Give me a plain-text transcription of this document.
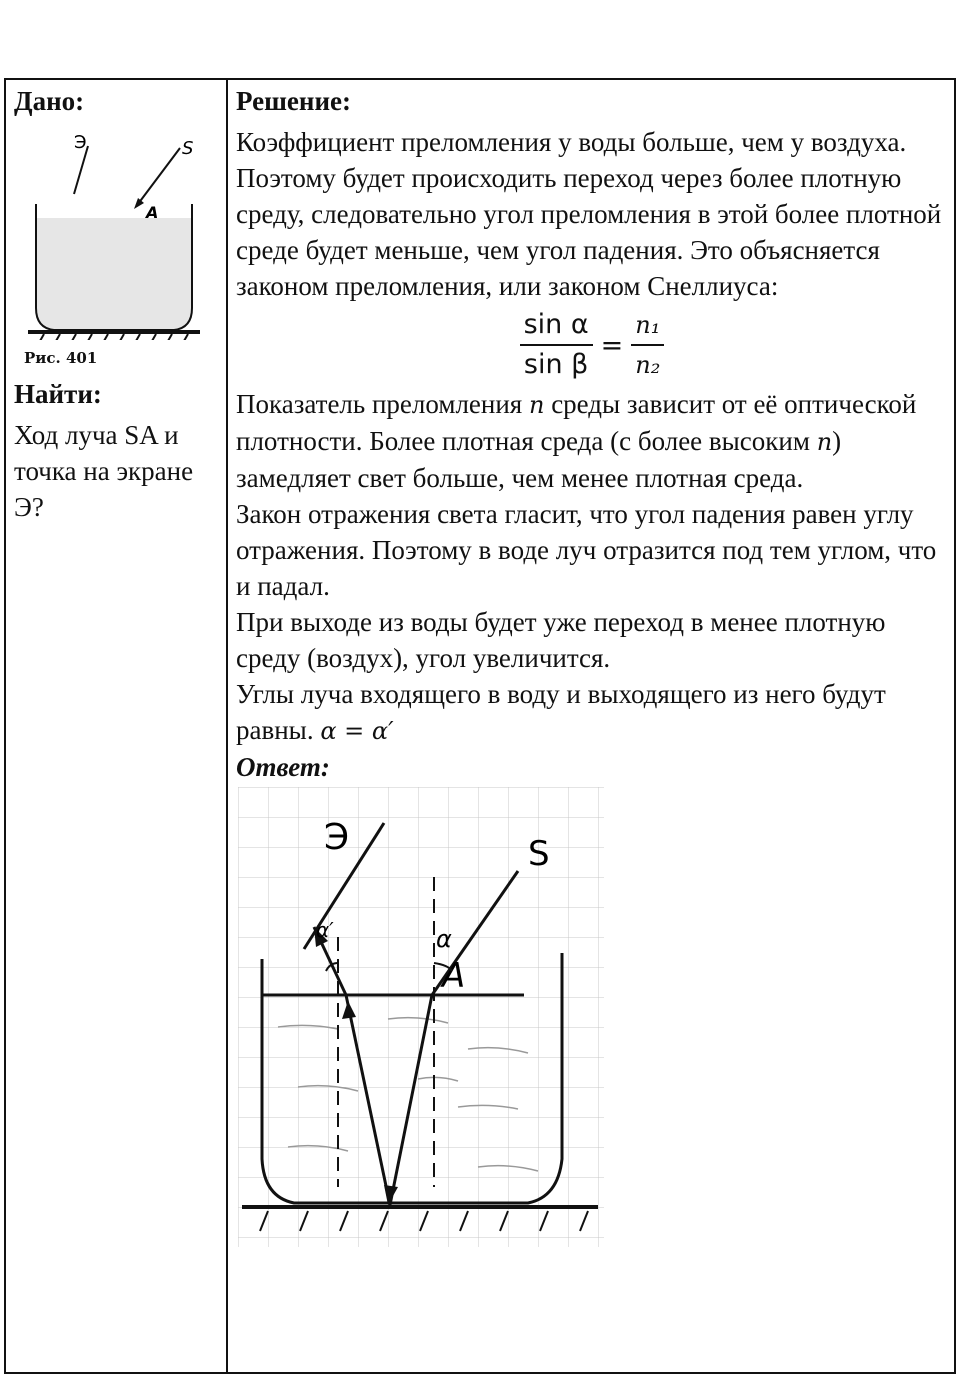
Дано:
Э	S
A
Рис. 401
Найти:
Ход луча SA и точка на экране Э?
Решение:

Коэффициент преломления у воды больше, чем у воздуха.

Поэтому будет происходить переход через более плотную среду, следовательно угол преломления в этой более плотной среде будет меньше, чем угол падения. Это объясняется законом преломления, или законом Снеллиуса:

$\frac{\text{sin α}}{\text{sin β}} = \frac{\text{n₁}}{\text{n₂}}$

Показатель преломления n среды зависит от её оптической плотности. Более плотная среда (с более высоким n) замедляет свет больше, чем менее плотная среда.

Закон отражения света гласит, что угол падения равен углу отражения. Поэтому в воде луч отразится под тем углом, что и падал.

При выходе из воды будет уже переход в менее плотную среду (воздух), угол увеличится.

Углы луча входящего в воду и выходящего из него будут равны. α = α′

Ответ:
Э	S
A
α
α′
